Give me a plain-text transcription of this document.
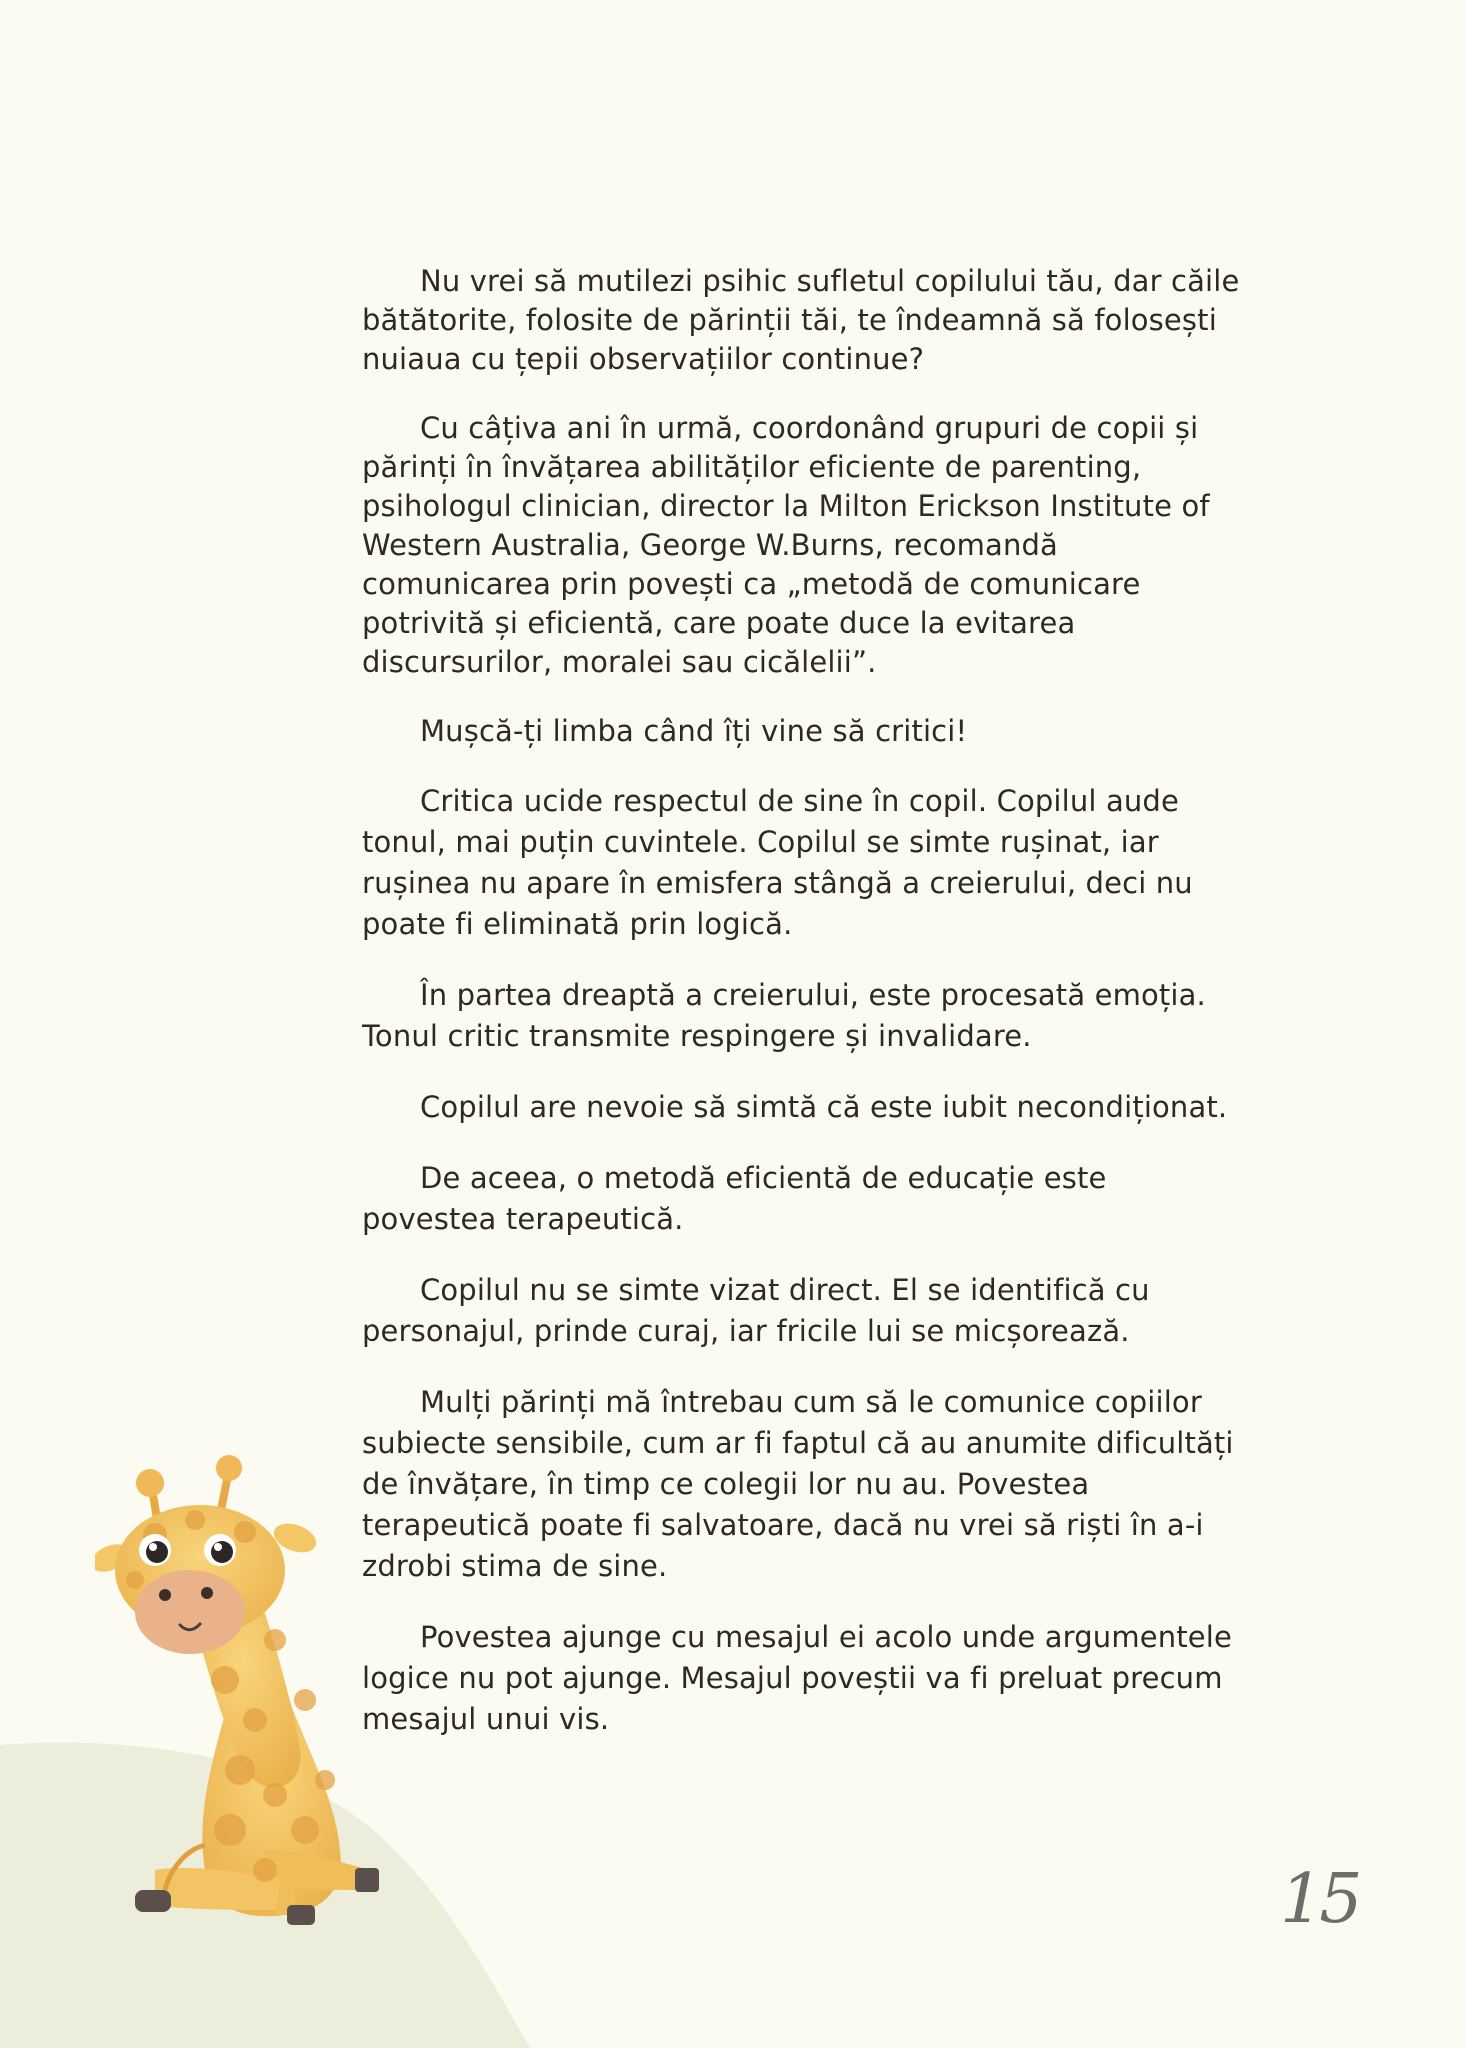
Nu vrei să mutilezi psihic sufletul copilului tău, dar căile bătătorite, folosite de părinții tăi, te îndeamnă să folosești nuiaua cu țepii observațiilor continue?

Cu câțiva ani în urmă, coordonând grupuri de copii și părinți în învățarea abilităților eficiente de parenting, psihologul clinician, director la Milton Erickson Institute of Western Australia, George W.Burns, recomandă comunicarea prin povești ca „metodă de comunicare potrivită și eficientă, care poate duce la evitarea discursurilor, moralei sau cicălelii”.

Mușcă-ți limba când îți vine să critici!

Critica ucide respectul de sine în copil. Copilul aude tonul, mai puțin cuvintele. Copilul se simte rușinat, iar rușinea nu apare în emisfera stângă a creierului, deci nu poate fi eliminată prin logică.

În partea dreaptă a creierului, este procesată emoția. Tonul critic transmite respingere și invalidare.

Copilul are nevoie să simtă că este iubit necondiționat.

De aceea, o metodă eficientă de educație este povestea terapeutică.

Copilul nu se simte vizat direct. El se identifică cu personajul, prinde curaj, iar fricile lui se micșorează.

Mulți părinți mă întrebau cum să le comunice copiilor subiecte sensibile, cum ar fi faptul că au anumite dificultăți de învățare, în timp ce colegii lor nu au. Povestea terapeutică poate fi salvatoare, dacă nu vrei să riști în a-i zdrobi stima de sine.

Povestea ajunge cu mesajul ei acolo unde argumentele logice nu pot ajunge. Mesajul poveștii va fi preluat precum mesajul unui vis.

15
